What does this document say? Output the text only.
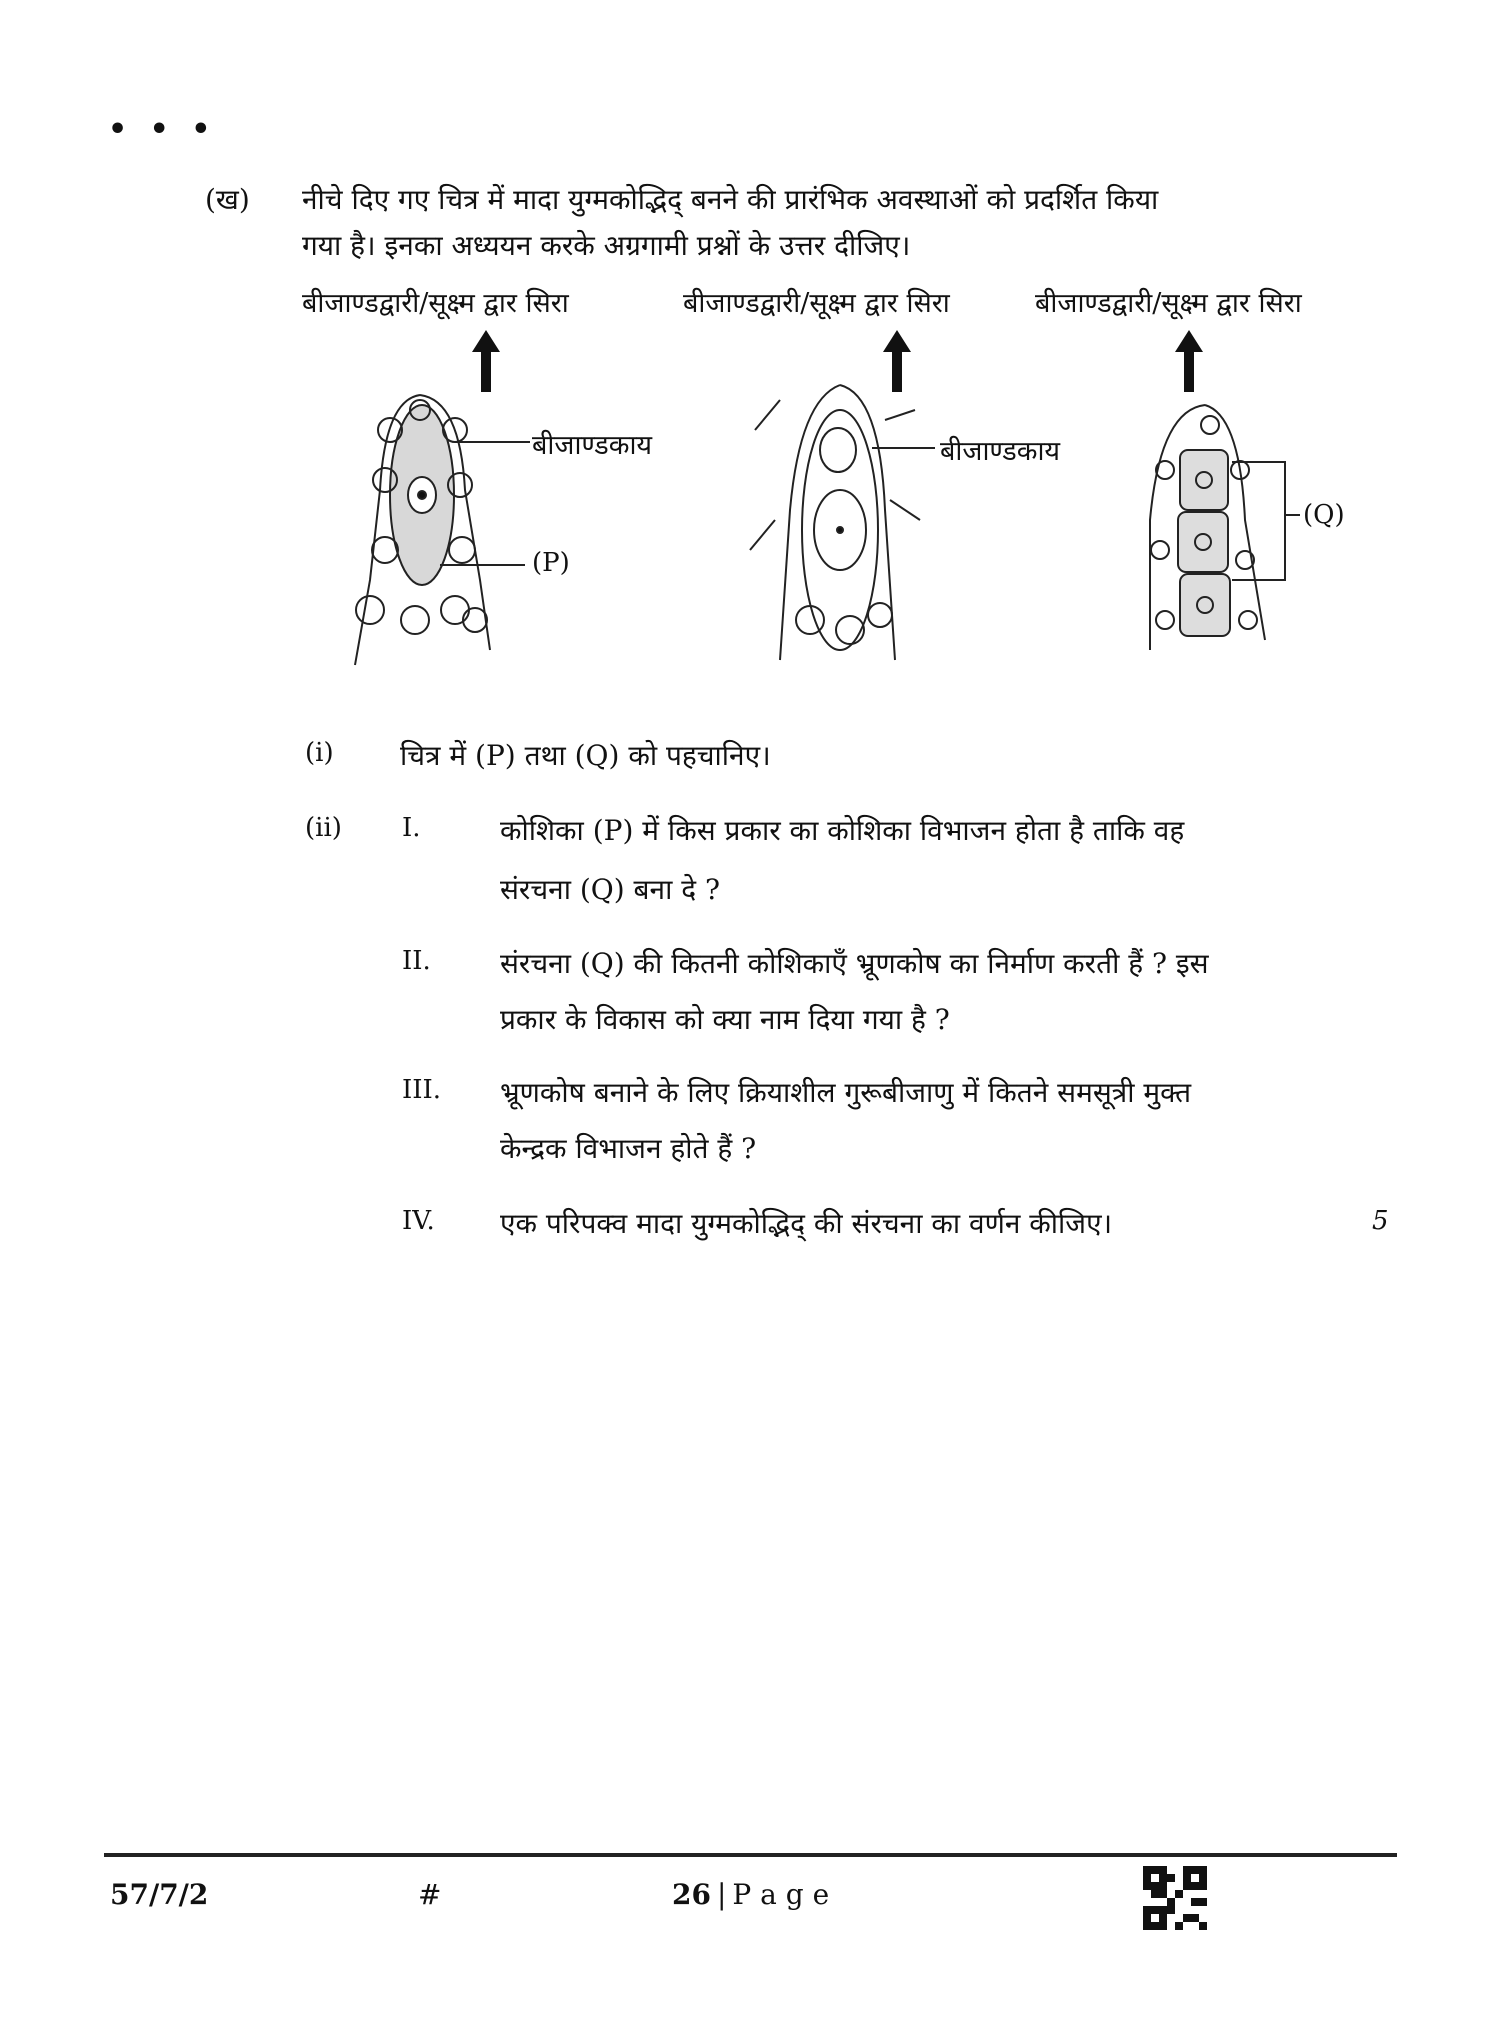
• • •
(ख) नीचे दिए गए चित्र में मादा युग्मकोद्भिद् बनने की प्रारंभिक अवस्थाओं को प्रदर्शित किया
गया है। इनका अध्ययन करके अग्रगामी प्रश्नों के उत्तर दीजिए।
बीजाण्डद्वारी/सूक्ष्म द्वार सिरा	बीजाण्डद्वारी/सूक्ष्म द्वार सिरा	बीजाण्डद्वारी/सूक्ष्म द्वार सिरा
बीजाण्डकाय
(P)
बीजाण्डकाय
(Q)
(i) चित्र में (P) तथा (Q) को पहचानिए।
(ii) I.	कोशिका (P) में किस प्रकार का कोशिका विभाजन होता है ताकि वह
संरचना (Q) बना दे ?
II. संरचना (Q) की कितनी कोशिकाएँ भ्रूणकोष का निर्माण करती हैं ? इस
प्रकार के विकास को क्या नाम दिया गया है ?
III. भ्रूणकोष बनाने के लिए क्रियाशील गुरूबीजाणु में कितने समसूत्री मुक्त
केन्द्रक विभाजन होते हैं ?
IV. एक परिपक्व मादा युग्मकोद्भिद् की संरचना का वर्णन कीजिए।	5
57/7/2	#	26 | P a g e
